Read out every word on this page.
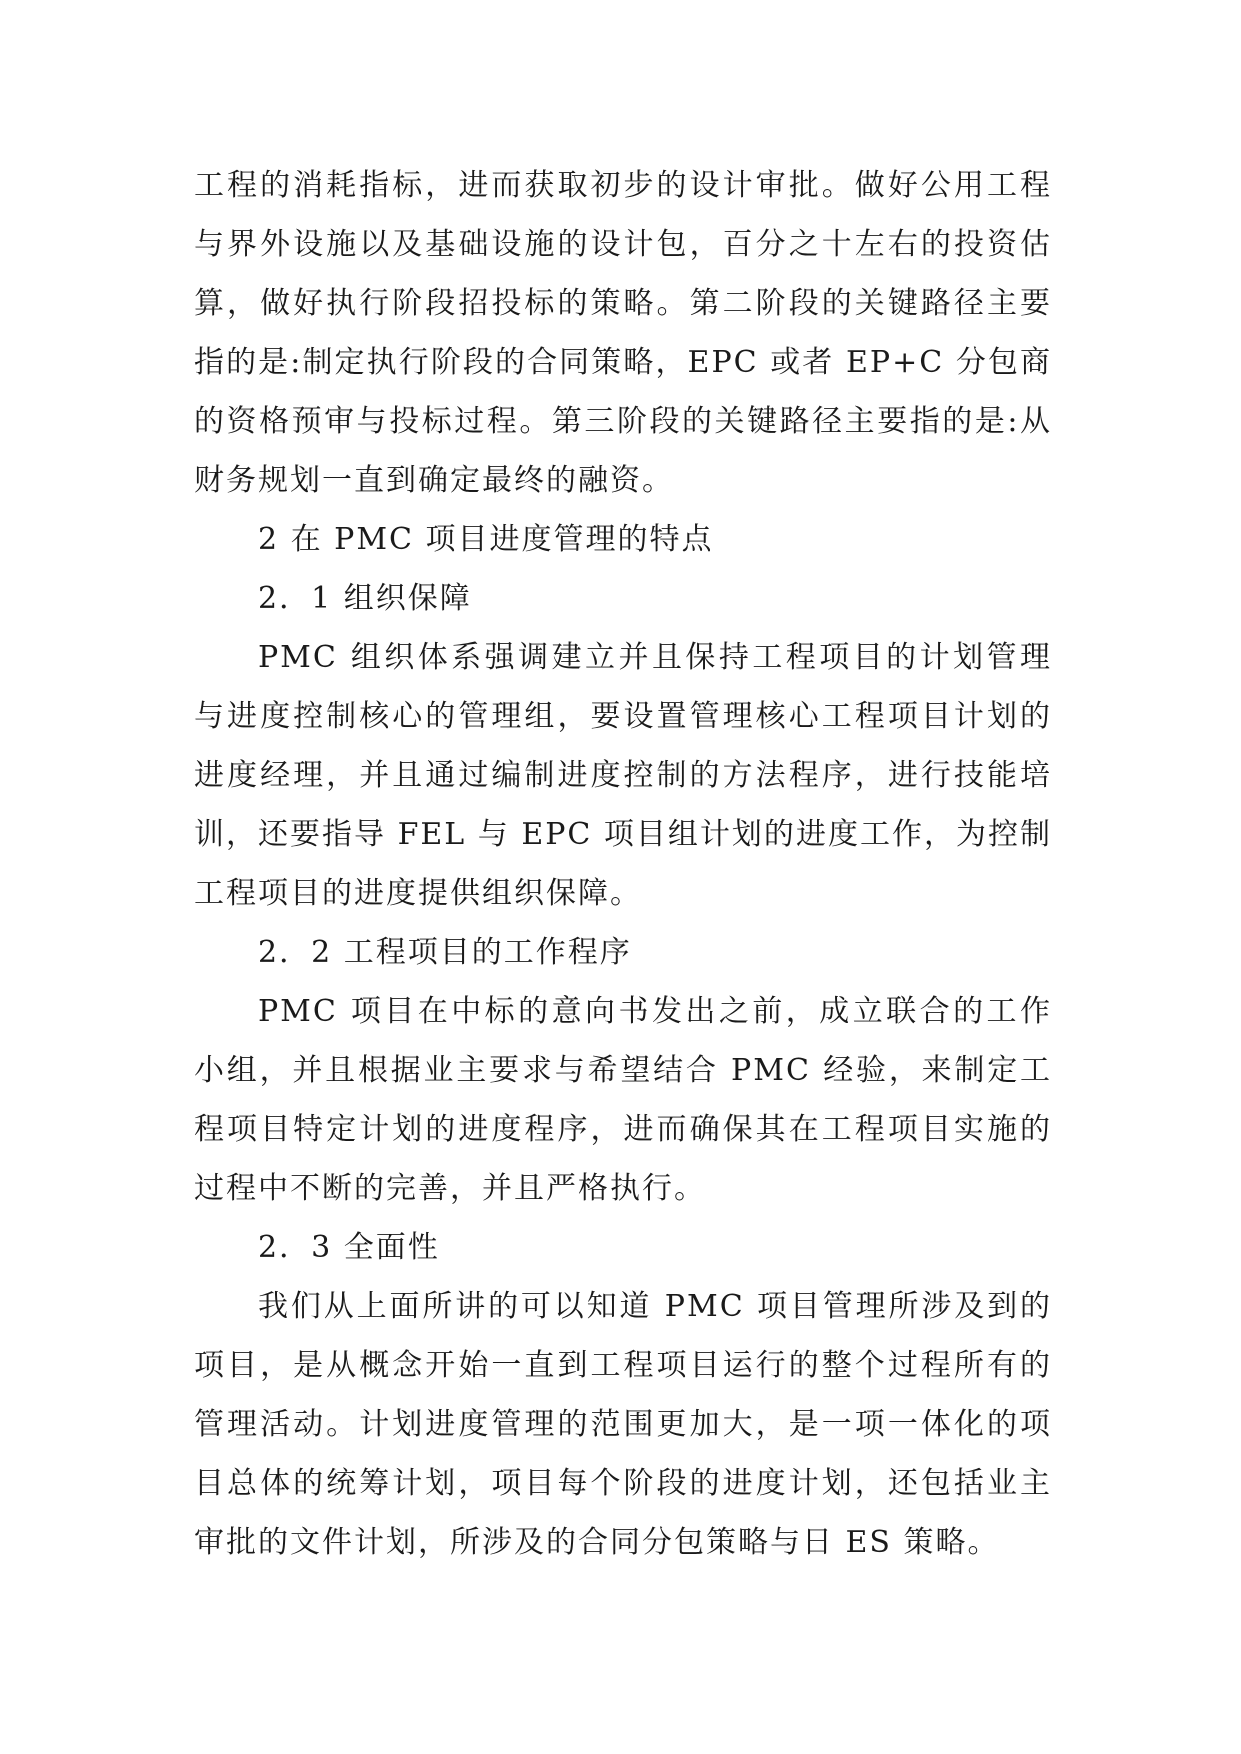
工程的消耗指标，进而获取初步的设计审批。做好公用工程与界外设施以及基础设施的设计包，百分之十左右的投资估算，做好执行阶段招投标的策略。第二阶段的关键路径主要指的是:制定执行阶段的合同策略，EPC 或者 EP+C 分包商的资格预审与投标过程。第三阶段的关键路径主要指的是:从财务规划一直到确定最终的融资。

2 在 PMC 项目进度管理的特点
2．1 组织保障

PMC 组织体系强调建立并且保持工程项目的计划管理与进度控制核心的管理组，要设置管理核心工程项目计划的进度经理，并且通过编制进度控制的方法程序，进行技能培训，还要指导 FEL 与 EPC 项目组计划的进度工作，为控制工程项目的进度提供组织保障。

2．2 工程项目的工作程序

PMC 项目在中标的意向书发出之前，成立联合的工作小组，并且根据业主要求与希望结合 PMC 经验，来制定工程项目特定计划的进度程序，进而确保其在工程项目实施的过程中不断的完善，并且严格执行。

2．3 全面性

我们从上面所讲的可以知道 PMC 项目管理所涉及到的项目，是从概念开始一直到工程项目运行的整个过程所有的管理活动。计划进度管理的范围更加大，是一项一体化的项目总体的统筹计划，项目每个阶段的进度计划，还包括业主审批的文件计划，所涉及的合同分包策略与日 ES 策略。
